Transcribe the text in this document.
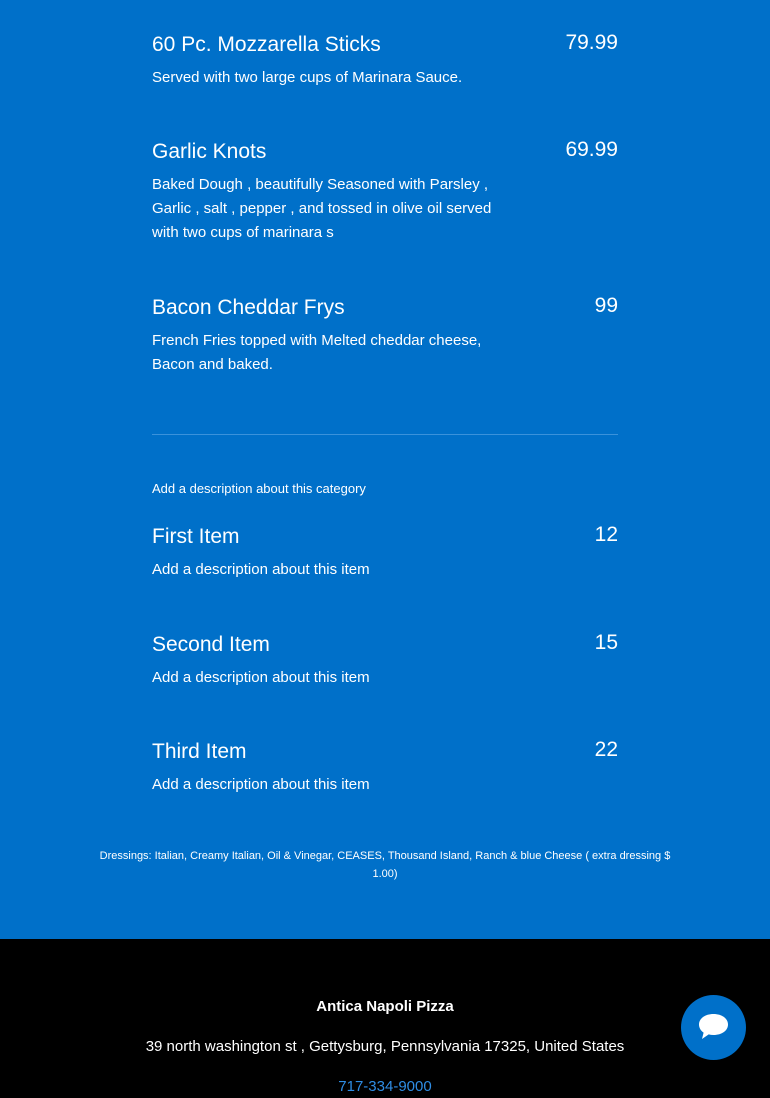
60 Pc. Mozzarella Sticks	79.99
Served with two large cups of Marinara Sauce.
Garlic Knots	69.99
Baked Dough , beautifully Seasoned with Parsley , Garlic , salt , pepper , and tossed in olive oil served with two cups of marinara s
Bacon Cheddar Frys	99
French Fries topped with Melted cheddar cheese, Bacon and baked.
Add a description about this category
First Item	12
Add a description about this item
Second Item	15
Add a description about this item
Third Item	22
Add a description about this item
Dressings: Italian, Creamy Italian, Oil & Vinegar, CEASES, Thousand Island, Ranch & blue Cheese ( extra dressing $ 1.00)
Antica Napoli Pizza
39 north washington st , Gettysburg, Pennsylvania 17325, United States
717-334-9000
